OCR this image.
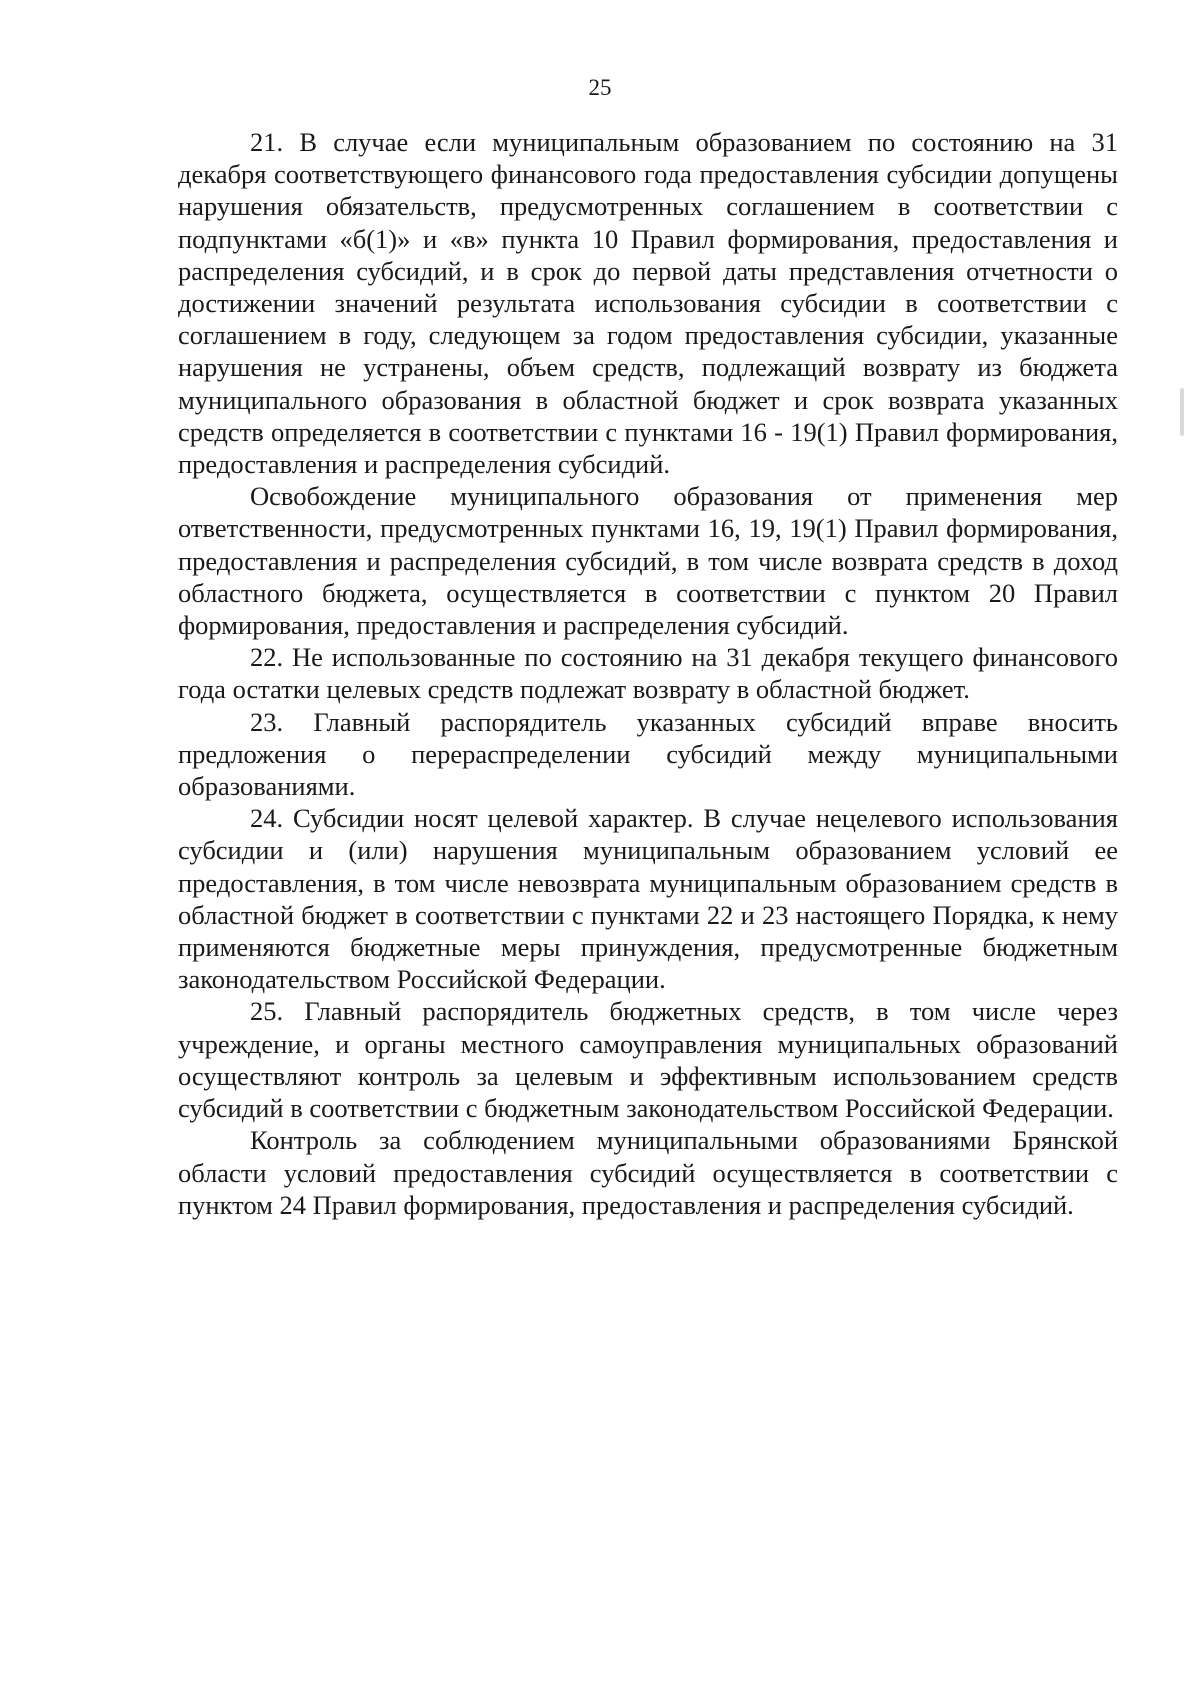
25

21. В случае если муниципальным образованием по состоянию на 31 декабря соответствующего финансового года предоставления субсидии допущены нарушения обязательств, предусмотренных соглашением в соответствии с подпунктами «б(1)» и «в» пункта 10 Правил формирования, предоставления и распределения субсидий, и в срок до первой даты представления отчетности о достижении значений результата использования субсидии в соответствии с соглашением в году, следующем за годом предоставления субсидии, указанные нарушения не устранены, объем средств, подлежащий возврату из бюджета муниципального образования в областной бюджет и срок возврата указанных средств определяется в соответствии с пунктами 16 - 19(1) Правил формирования, предоставления и распределения субсидий.

Освобождение муниципального образования от применения мер ответственности, предусмотренных пунктами 16, 19, 19(1) Правил формирования, предоставления и распределения субсидий, в том числе возврата средств в доход областного бюджета, осуществляется в соответствии с пунктом 20 Правил формирования, предоставления и распределения субсидий.

22. Не использованные по состоянию на 31 декабря текущего финансового года остатки целевых средств подлежат возврату в областной бюджет.

23. Главный распорядитель указанных субсидий вправе вносить предложения о перераспределении субсидий между муниципальными образованиями.

24. Субсидии носят целевой характер. В случае нецелевого использования субсидии и (или) нарушения муниципальным образованием условий ее предоставления, в том числе невозврата муниципальным образованием средств в областной бюджет в соответствии с пунктами 22 и 23 настоящего Порядка, к нему применяются бюджетные меры принуждения, предусмотренные бюджетным законодательством Российской Федерации.

25. Главный распорядитель бюджетных средств, в том числе через учреждение, и органы местного самоуправления муниципальных образований осуществляют контроль за целевым и эффективным использованием средств субсидий в соответствии с бюджетным законодательством Российской Федерации.

Контроль за соблюдением муниципальными образованиями Брянской области условий предоставления субсидий осуществляется в соответствии с пунктом 24 Правил формирования, предоставления и распределения субсидий.
